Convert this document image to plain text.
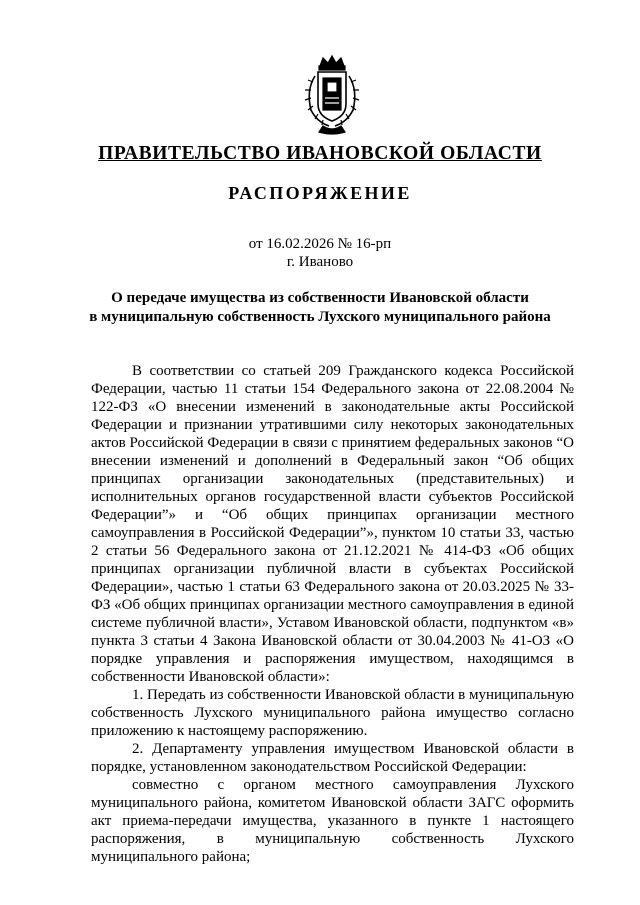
ПРАВИТЕЛЬСТВО ИВАНОВСКОЙ ОБЛАСТИ
РАСПОРЯЖЕНИЕ
от 16.02.2026 № 16-рп
г. Иваново
О передаче имущества из собственности Ивановской области
в муниципальную собственность Лухского муниципального района

В соответствии со статьей 209 Гражданского кодекса Российской Федерации, частью 11 статьи 154 Федерального закона от 22.08.2004 № 122-ФЗ «О внесении изменений в законодательные акты Российской Федерации и признании утратившими силу некоторых законодательных актов Российской Федерации в связи с принятием федеральных законов “О внесении изменений и дополнений в Федеральный закон “Об общих принципах организации законодательных (представительных) и исполнительных органов государственной власти субъектов Российской Федерации”» и “Об общих принципах организации местного самоуправления в Российской Федерации”», пунктом 10 статьи 33, частью 2 статьи 56 Федерального закона от 21.12.2021 № 414-ФЗ «Об общих принципах организации публичной власти в субъектах Российской Федерации», частью 1 статьи 63 Федерального закона от 20.03.2025 № 33-ФЗ «Об общих принципах организации местного самоуправления в единой системе публичной власти», Уставом Ивановской области, подпунктом «в» пункта 3 статьи 4 Закона Ивановской области от 30.04.2003 № 41-ОЗ «О порядке управления и распоряжения имуществом, находящимся в собственности Ивановской области»:

1. Передать из собственности Ивановской области в муниципальную собственность Лухского муниципального района имущество согласно приложению к настоящему распоряжению.

2. Департаменту управления имуществом Ивановской области в порядке, установленном законодательством Российской Федерации:

совместно с органом местного самоуправления Лухского муниципального района, комитетом Ивановской области ЗАГС оформить акт приема-передачи имущества, указанного в пункте 1 настоящего распоряжения, в муниципальную собственность Лухского муниципального района;
